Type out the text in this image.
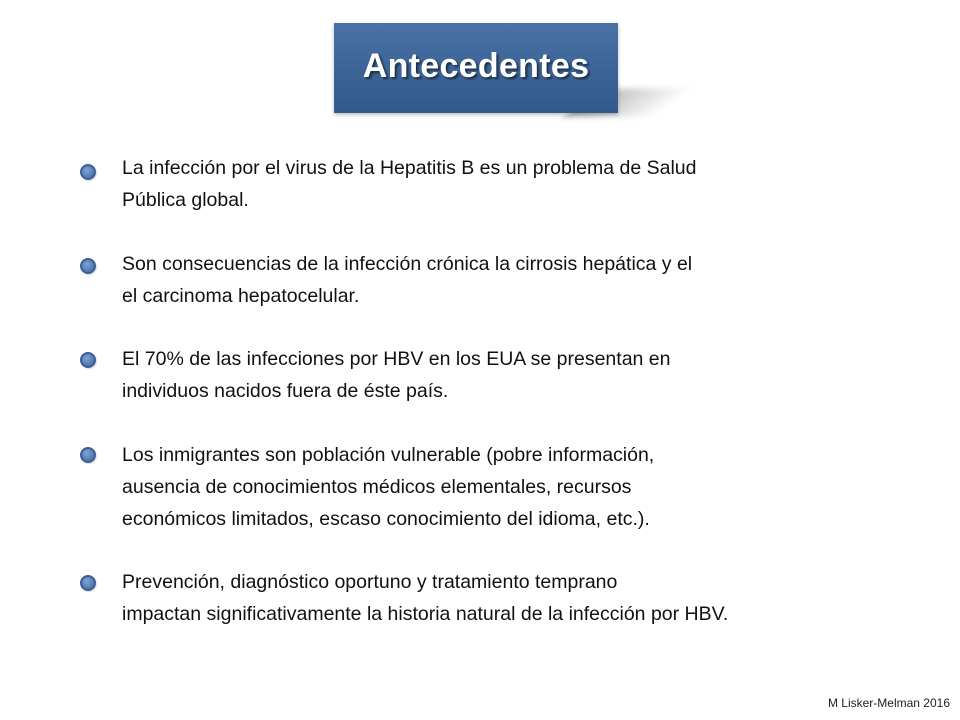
Antecedentes
La infección por el virus de la Hepatitis B es un problema de Salud
Pública global.
Son consecuencias de la infección crónica la cirrosis hepática y el
el carcinoma hepatocelular.
El 70% de las infecciones por HBV en los EUA se presentan en
individuos nacidos fuera de éste país.
Los inmigrantes son población vulnerable (pobre información,
ausencia de conocimientos médicos elementales, recursos
económicos limitados, escaso conocimiento del idioma, etc.).
Prevención, diagnóstico oportuno y tratamiento temprano
impactan significativamente la historia natural de la infección por HBV.
M Lisker-Melman 2016
